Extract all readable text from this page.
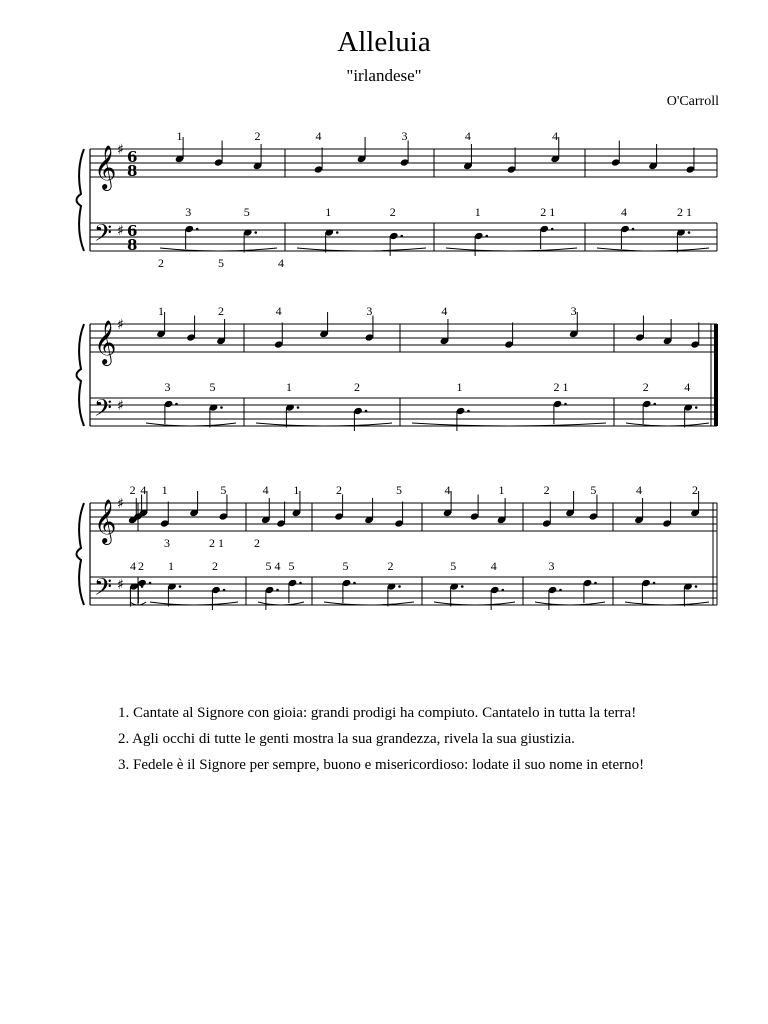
Alleluia
"irlandese"
O'Carroll
𝄞
𝄢
♯
♯
6
8
6
8
1	2
3	5
4	3
1	2
4	4
1	2 1	4	2 1
2	5	4
𝄞
𝄢
♯
♯
1	2
3	5
4	3
1	2
4	3
1	2 1	2	4
𝄞
𝄢
♯
♯
4
2
2
4
1	5
1	2
4 1
5 4 5
2	5
5	2
4	1
5	4
2	5
3
4	2
3	2 1	2
1. Cantate al Signore con gioia: grandi prodigi ha compiuto. Cantatelo in tutta la terra!
2. Agli occhi di tutte le genti mostra la sua grandezza, rivela la sua giustizia.
3. Fedele è il Signore per sempre, buono e misericordioso: lodate il suo nome in eterno!
